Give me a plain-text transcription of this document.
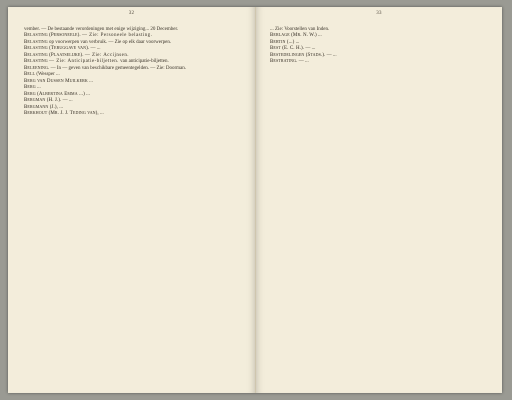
32

vember. — De bestaande verordeningen met enige wijziging... 20 December.

Belasting (Personeele). — Zie: Personeele belasting.

Belasting op voorwerpen van verbruik. — Zie op elk daar voorwerpen.

Belasting (Teruggave van). — ...

Belasting (Plaatselijke). — Zie: Accijnsen.

Belasting — Zie: Anticipatie-biljetten. van anticipatie-biljetten.

Beleening. — In — geven van beschikbare gemeentegelden. — Zie: Doorman.

Bell (Wessper ...

Berg van Dussen Muilkerk ...

Berg ...

Berg (Albertina Emma ...) ...

Bergman (H. J.). — ...

Bergmann (J.), ...

Berkhout (Mr. J. J. Teding van), ...

33

... Zie: Voorstellen van Inden.

Berlage (Mr. N. W.) ...

Bertin (...) ...

Best (E. C. H.). — ...

Bestedelingen (Stads.). — ...

Bestrating. — ...
